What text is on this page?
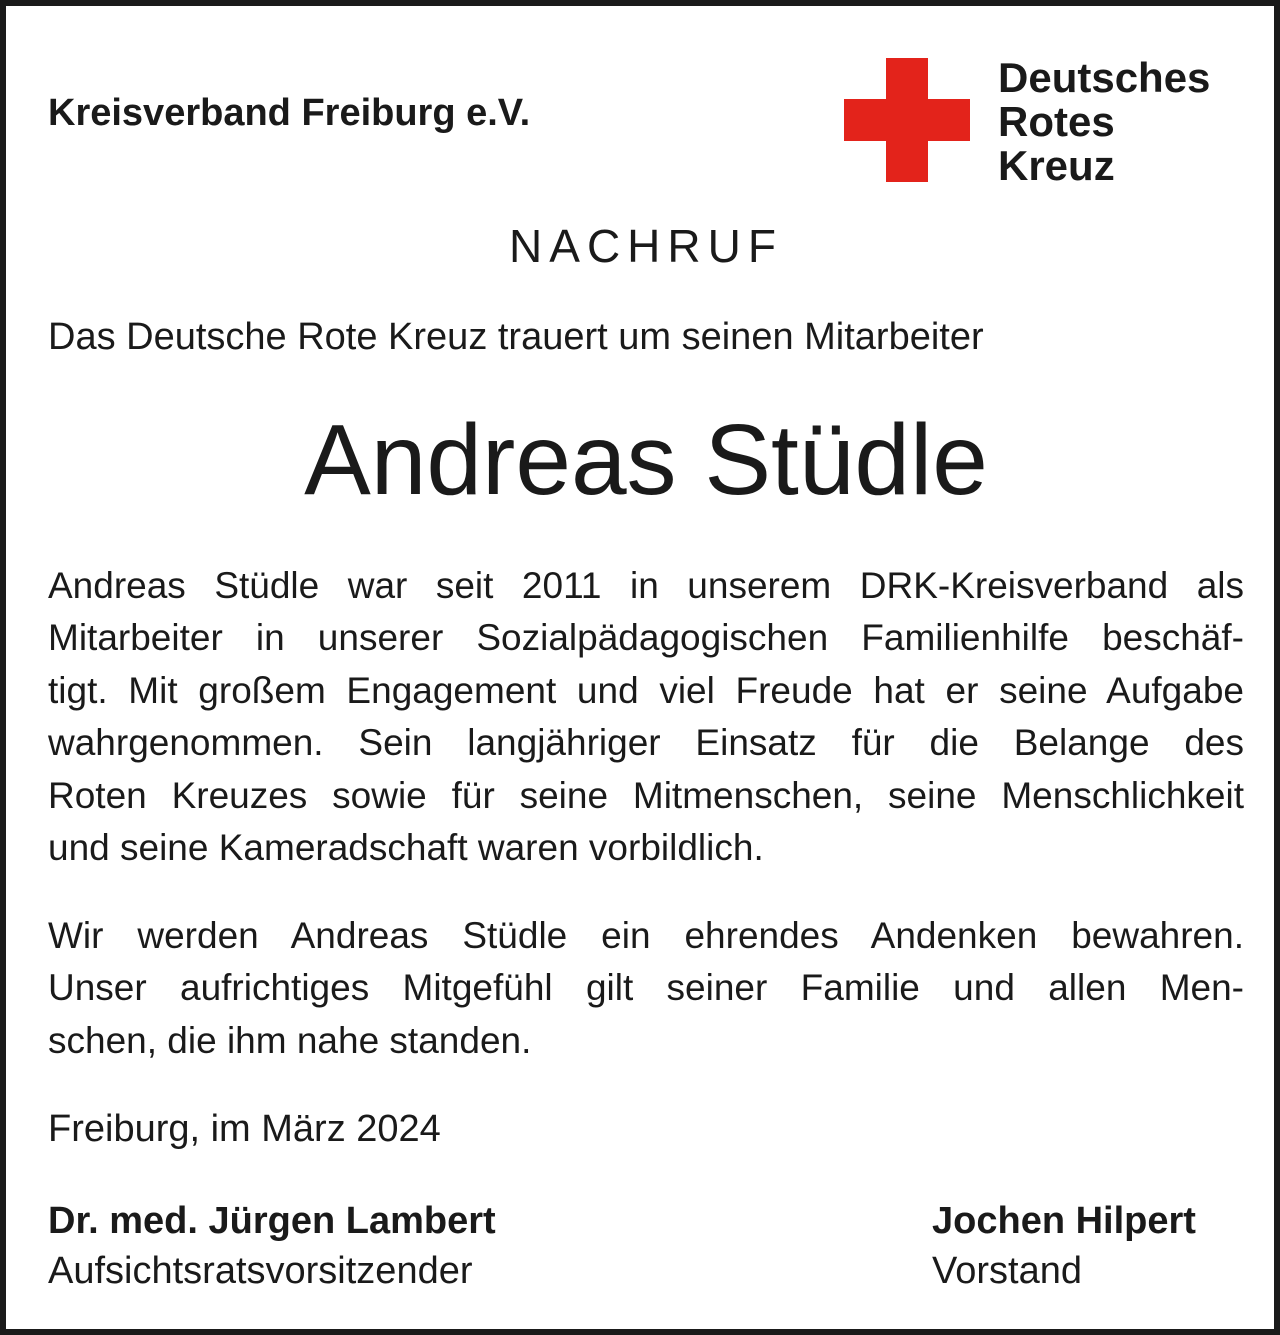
Kreisverband Freiburg e.V.
Deutsches
Rotes
Kreuz
NACHRUF
Das Deutsche Rote Kreuz trauert um seinen Mitarbeiter
Andreas Stüdle
Andreas Stüdle war seit 2011 in unserem DRK-Kreisverband als
Mitarbeiter in unserer Sozialpädagogischen Familienhilfe beschäf-
tigt. Mit großem Engagement und viel Freude hat er seine Aufgabe
wahrgenommen. Sein langjähriger Einsatz für die Belange des
Roten Kreuzes sowie für seine Mitmenschen, seine Menschlichkeit
und seine Kameradschaft waren vorbildlich.
Wir werden Andreas Stüdle ein ehrendes Andenken bewahren.
Unser aufrichtiges Mitgefühl gilt seiner Familie und allen Men-
schen, die ihm nahe standen.
Freiburg, im März 2024
Dr. med. Jürgen Lambert
Aufsichtsratsvorsitzender
Jochen Hilpert
Vorstand
